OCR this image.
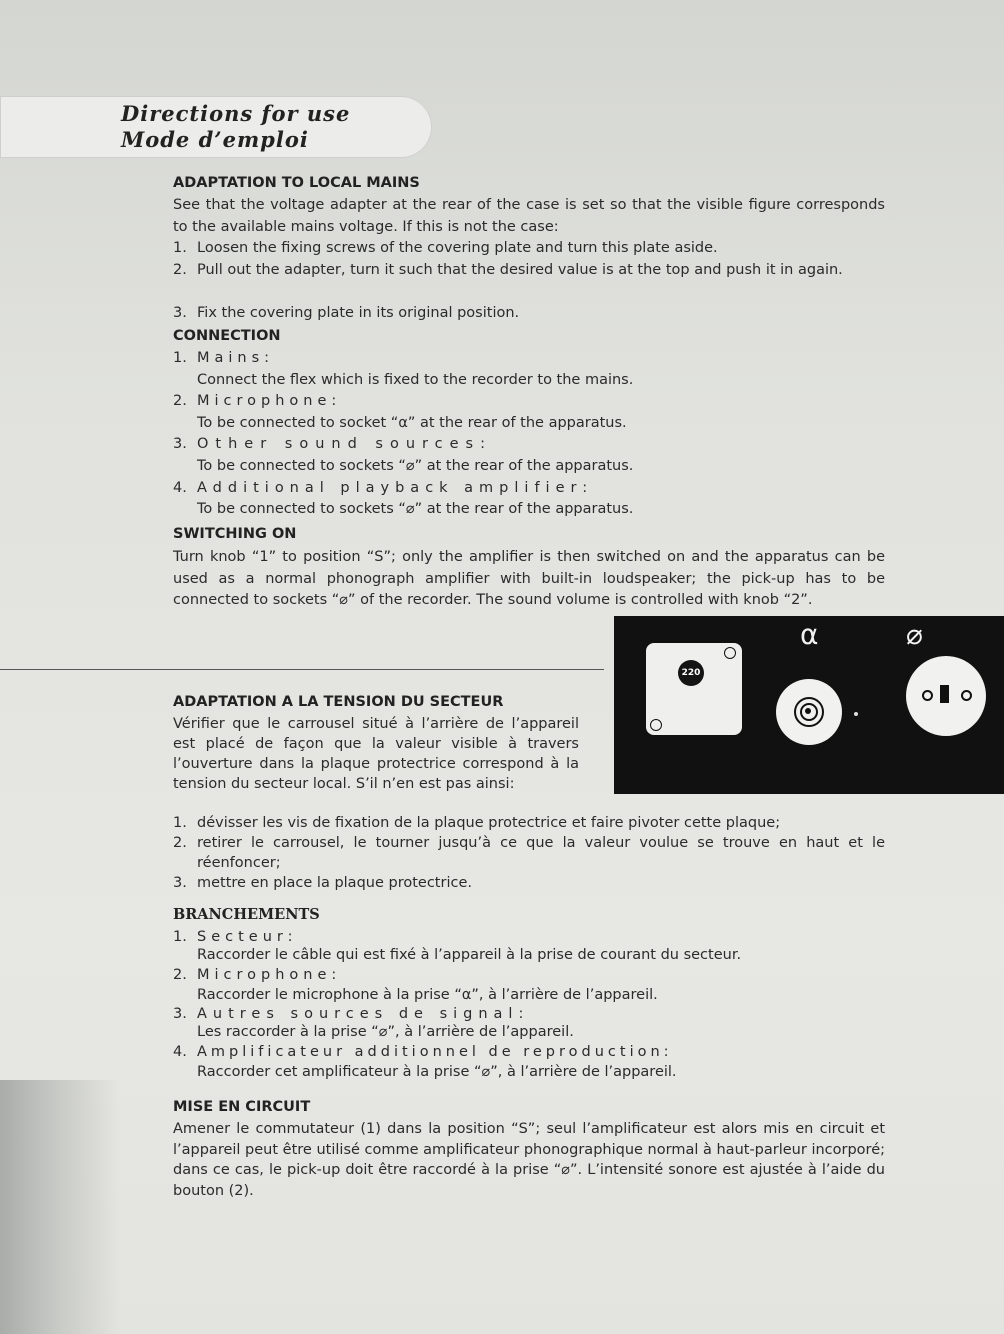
Directions for use
Mode d’emploi
ADAPTATION TO LOCAL MAINS
See that the voltage adapter at the rear of the case is set so that the visible figure corresponds to the available mains voltage. If this is not the case:
1. Loosen the fixing screws of the covering plate and turn this plate aside.
2. Pull out the adapter, turn it such that the desired value is at the top and push it in again.
3. Fix the covering plate in its original position.
CONNECTION
1. Mains:
Connect the flex which is fixed to the recorder to the mains.
2. Microphone:
To be connected to socket “⍺” at the rear of the apparatus.
3. Other sound sources:
To be connected to sockets “⌀” at the rear of the apparatus.
4. Additional playback amplifier:
To be connected to sockets “⌀” at the rear of the apparatus.
SWITCHING ON
Turn knob “1” to position “S”; only the amplifier is then switched on and the apparatus can be used as a normal phonograph amplifier with built-in loudspeaker; the pick-up has to be connected to sockets “⌀” of the recorder. The sound volume is controlled with knob “2”.
⍺	⌀
220
ADAPTATION A LA TENSION DU SECTEUR
Vérifier que le carrousel situé à l’arrière de l’appareil est placé de façon que la valeur visible à travers l’ouverture dans la plaque protectrice correspond à la tension du secteur local. S’il n’en est pas ainsi:
1. dévisser les vis de fixation de la plaque protectrice et faire pivoter cette plaque;
2. retirer le carrousel, le tourner jusqu’à ce que la valeur voulue se trouve en haut et le réenfoncer;
3. mettre en place la plaque protectrice.
BRANCHEMENTS
1. Secteur:
Raccorder le câble qui est fixé à l’appareil à la prise de courant du secteur.
2. Microphone:
Raccorder le microphone à la prise “⍺”, à l’arrière de l’appareil.
3. Autres sources de signal:
Les raccorder à la prise “⌀”, à l’arrière de l’appareil.
4. Amplificateur additionnel de reproduction:
Raccorder cet amplificateur à la prise “⌀”, à l’arrière de l’appareil.
MISE EN CIRCUIT
Amener le commutateur (1) dans la position “S”; seul l’amplificateur est alors mis en circuit et l’appareil peut être utilisé comme amplificateur phonographique normal à haut-parleur incorporé; dans ce cas, le pick-up doit être raccordé à la prise “⌀”. L’intensité sonore est ajustée à l’aide du bouton (2).
